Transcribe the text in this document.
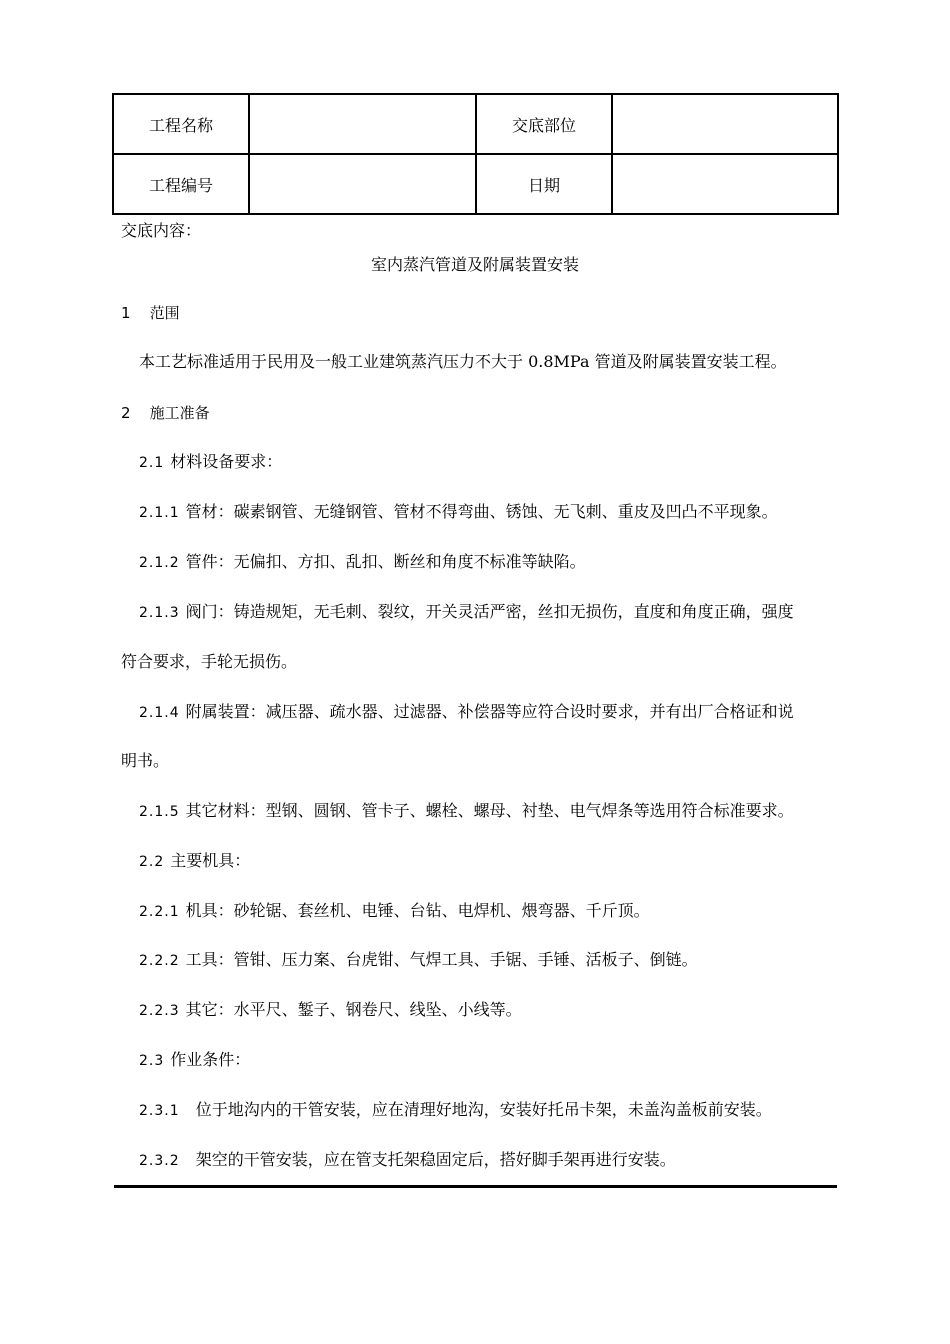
工程名称		交底部位	
工程编号		日期	
交底内容：
室内蒸汽管道及附属装置安装
1 范围
本工艺标准适用于民用及一般工业建筑蒸汽压力不大于 0.8MPa 管道及附属装置安装工程。
2 施工准备
2.1 材料设备要求：
2.1.1 管材：碳素钢管、无缝钢管、管材不得弯曲、锈蚀、无飞刺、重皮及凹凸不平现象。
2.1.2 管件：无偏扣、方扣、乱扣、断丝和角度不标准等缺陷。
2.1.3 阀门：铸造规矩，无毛刺、裂纹，开关灵活严密，丝扣无损伤，直度和角度正确，强度
符合要求，手轮无损伤。
2.1.4 附属装置：减压器、疏水器、过滤器、补偿器等应符合设时要求，并有出厂合格证和说
明书。
2.1.5 其它材料：型钢、圆钢、管卡子、螺栓、螺母、衬垫、电气焊条等选用符合标准要求。
2.2 主要机具：
2.2.1 机具：砂轮锯、套丝机、电锤、台钻、电焊机、煨弯器、千斤顶。
2.2.2 工具：管钳、压力案、台虎钳、气焊工具、手锯、手锤、活板子、倒链。
2.2.3 其它：水平尺、錾子、钢卷尺、线坠、小线等。
2.3 作业条件：
2.3.1 位于地沟内的干管安装，应在清理好地沟，安装好托吊卡架，未盖沟盖板前安装。
2.3.2 架空的干管安装，应在管支托架稳固定后，搭好脚手架再进行安装。
